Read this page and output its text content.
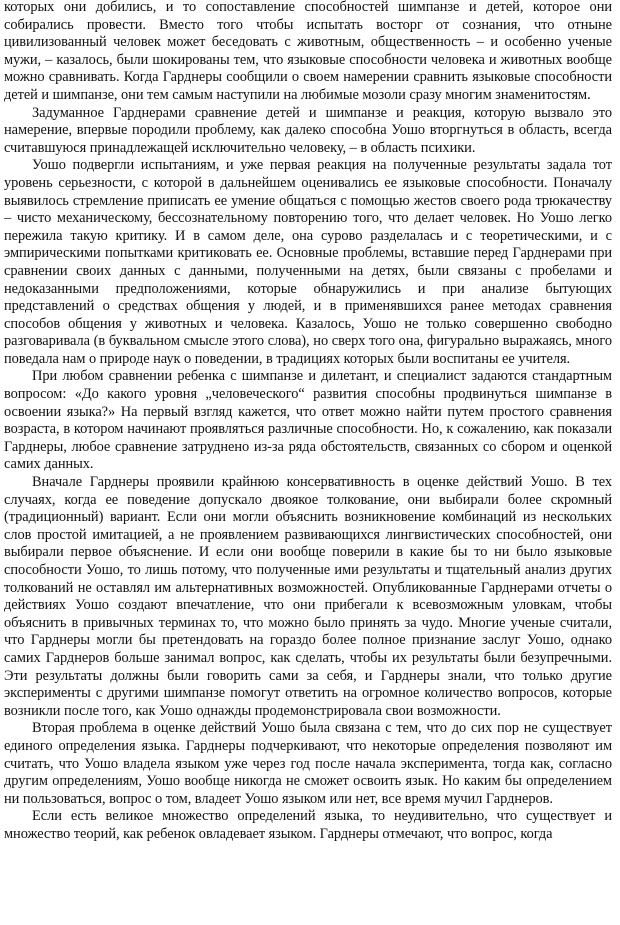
которых они добились, и то сопоставление способностей шимпанзе и детей, которое они собирались провести. Вместо того чтобы испытать восторг от сознания, что отныне цивилизованный человек может беседовать с животным, общественность – и особенно ученые мужи, – казалось, были шокированы тем, что языковые способности человека и животных вообще можно сравнивать. Когда Гарднеры сообщили о своем намерении сравнить языковые способности детей и шимпанзе, они тем самым наступили на любимые мозоли сразу многим знаменитостям.

Задуманное Гарднерами сравнение детей и шимпанзе и реакция, которую вызвало это намерение, впервые породили проблему, как далеко способна Уошо вторгнуться в область, всегда считавшуюся принадлежащей исключительно человеку, – в область психики.

Уошо подвергли испытаниям, и уже первая реакция на полученные результаты задала тот уровень серьезности, с которой в дальнейшем оценивались ее языковые способности. Поначалу выявилось стремление приписать ее умение общаться с помощью жестов своего рода трюкачеству – чисто механическому, бессознательному повторению того, что делает человек. Но Уошо легко пережила такую критику. И в самом деле, она сурово разделалась и с теоретическими, и с эмпирическими попытками критиковать ее. Основные проблемы, вставшие перед Гарднерами при сравнении своих данных с данными, полученными на детях, были связаны с пробелами и недоказанными предположениями, которые обнаружились и при анализе бытующих представлений о средствах общения у людей, и в применявшихся ранее методах сравнения способов общения у животных и человека. Казалось, Уошо не только совершенно свободно разговаривала (в буквальном смысле этого слова), но сверх того она, фигурально выражаясь, много поведала нам о природе наук о поведении, в традициях которых были воспитаны ее учителя.

При любом сравнении ребенка с шимпанзе и дилетант, и специалист задаются стандартным вопросом: «До какого уровня „человеческого“ развития способны продвинуться шимпанзе в освоении языка?» На первый взгляд кажется, что ответ можно найти путем простого сравнения возраста, в котором начинают проявляться различные способности. Но, к сожалению, как показали Гарднеры, любое сравнение затруднено из-за ряда обстоятельств, связанных со сбором и оценкой самих данных.

Вначале Гарднеры проявили крайнюю консервативность в оценке действий Уошо. В тех случаях, когда ее поведение допускало двоякое толкование, они выбирали более скромный (традиционный) вариант. Если они могли объяснить возникновение комбинаций из нескольких слов простой имитацией, а не проявлением развивающихся лингвистических способностей, они выбирали первое объяснение. И если они вообще поверили в какие бы то ни было языковые способности Уошо, то лишь потому, что полученные ими результаты и тщательный анализ других толкований не оставлял им альтернативных возможностей. Опубликованные Гарднерами отчеты о действиях Уошо создают впечатление, что они прибегали к всевозможным уловкам, чтобы объяснить в привычных терминах то, что можно было принять за чудо. Многие ученые считали, что Гарднеры могли бы претендовать на гораздо более полное признание заслуг Уошо, однако самих Гарднеров больше занимал вопрос, как сделать, чтобы их результаты были безупречными. Эти результаты должны были говорить сами за себя, и Гарднеры знали, что только другие эксперименты с другими шимпанзе помогут ответить на огромное количество вопросов, которые возникли после того, как Уошо однажды продемонстрировала свои возможности.

Вторая проблема в оценке действий Уошо была связана с тем, что до сих пор не существует единого определения языка. Гарднеры подчеркивают, что некоторые определения позволяют им считать, что Уошо владела языком уже через год после начала эксперимента, тогда как, согласно другим определениям, Уошо вообще никогда не сможет освоить язык. Но каким бы определением ни пользоваться, вопрос о том, владеет Уошо языком или нет, все время мучил Гарднеров.

Если есть великое множество определений языка, то неудивительно, что существует и множество теорий, как ребенок овладевает языком. Гарднеры отмечают, что вопрос, когда
